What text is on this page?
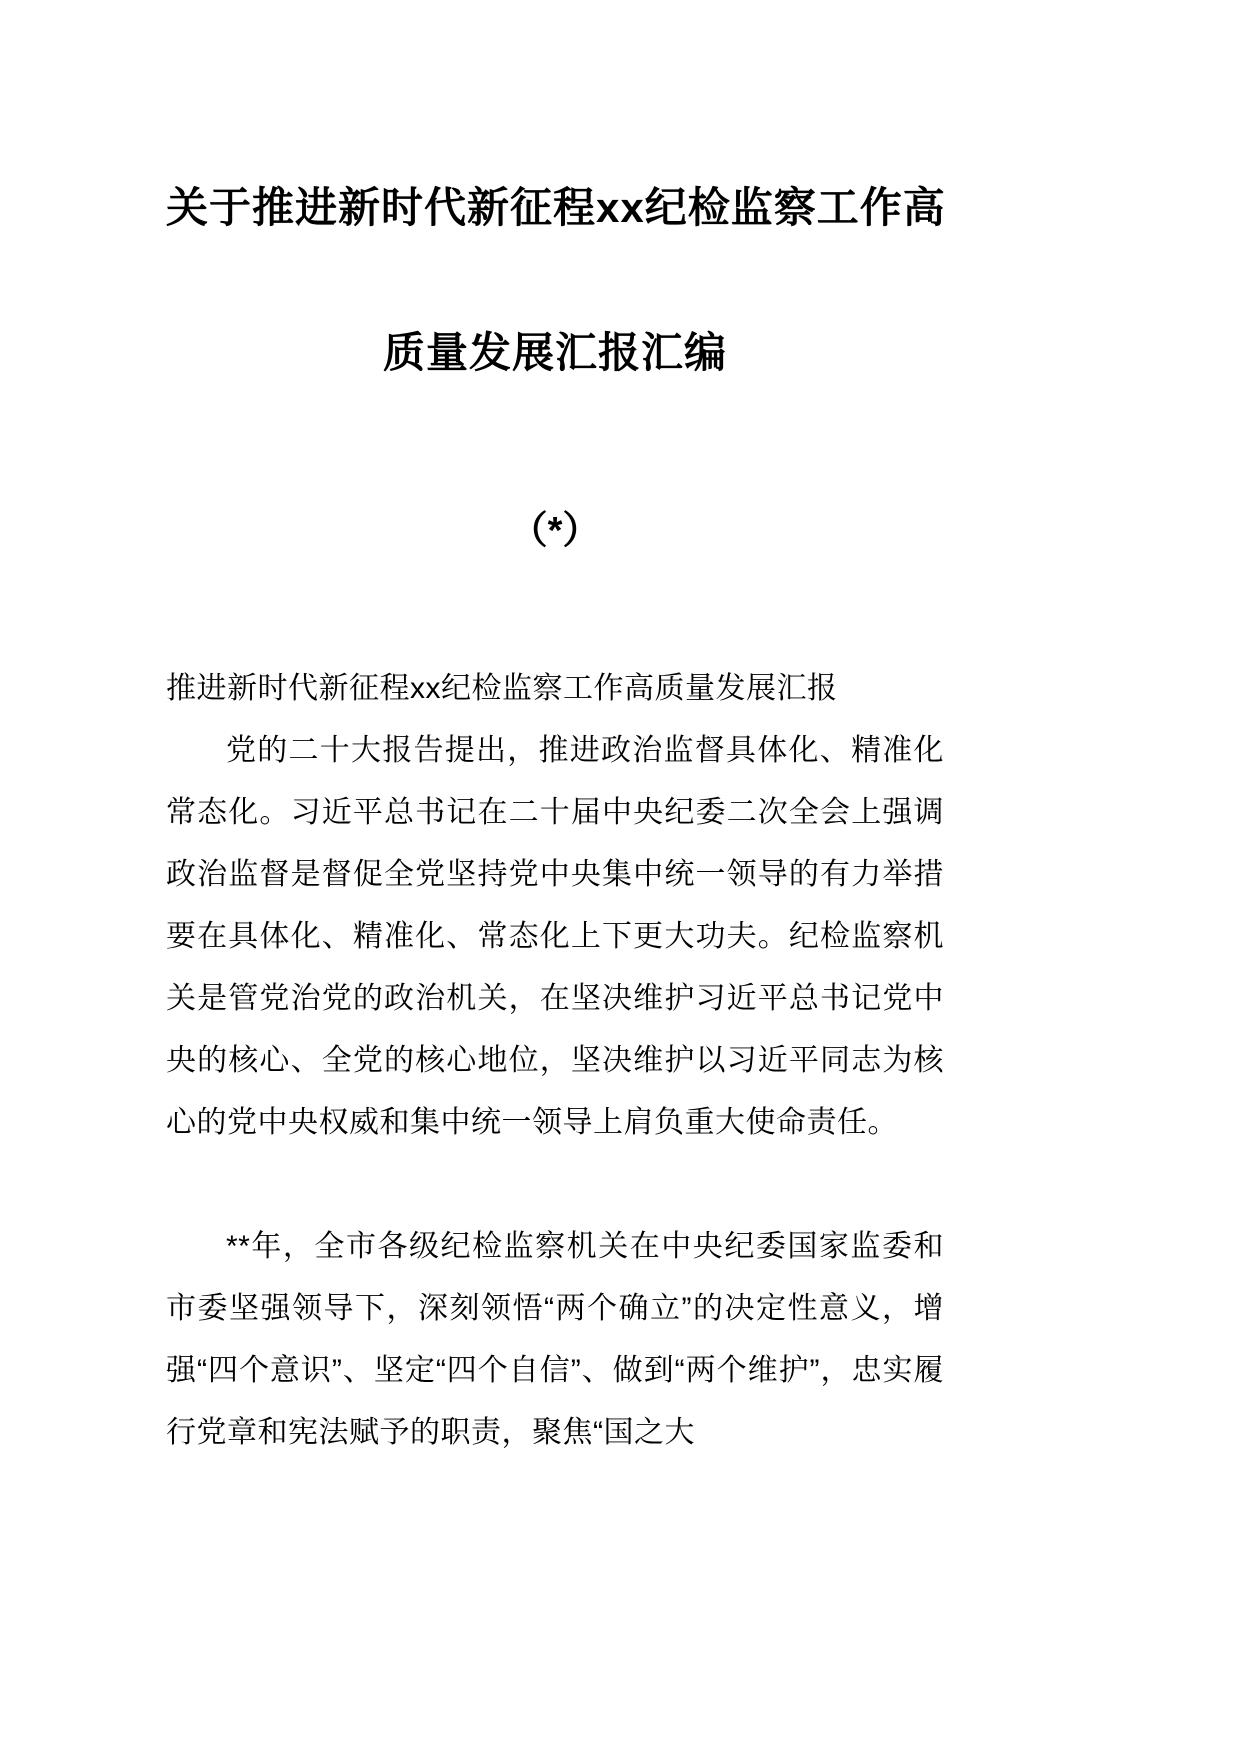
关于推进新时代新征程xx纪检监察工作高
质量发展汇报汇编
（*）

推进新时代新征程xx纪检监察工作高质量发展汇报

党的二十大报告提出，推进政治监督具体化、精准化常态化。习近平总书记在二十届中央纪委二次全会上强调政治监督是督促全党坚持党中央集中统一领导的有力举措要在具体化、精准化、常态化上下更大功夫。纪检监察机关是管党治党的政治机关，在坚决维护习近平总书记党中央的核心、全党的核心地位，坚决维护以习近平同志为核心的党中央权威和集中统一领导上肩负重大使命责任。

**年，全市各级纪检监察机关在中央纪委国家监委和市委坚强领导下，深刻领悟“两个确立”的决定性意义，增强“四个意识”、坚定“四个自信”、做到“两个维护”，忠实履行党章和宪法赋予的职责，聚焦“国之大
